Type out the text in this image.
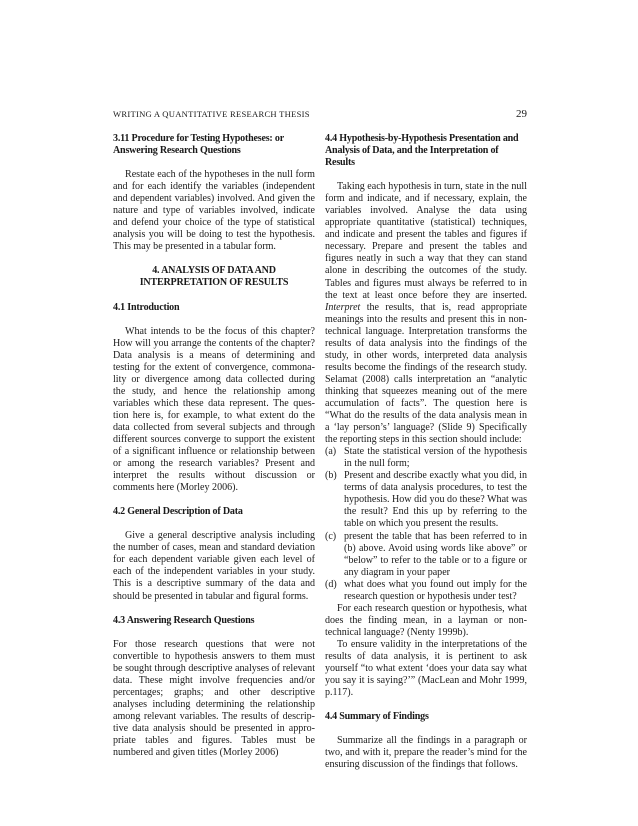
WRITING A QUANTITATIVE RESEARCH THESIS	29
3.11 Procedure for Testing Hypotheses: or Answering Research Questions
Restate each of the hypotheses in the null form and for each identify the variables (independent and dependent variables) involved. And given the nature and type of variables involved, indicate and defend your choice of the type of statistical analysis you will be doing to test the hypothesis. This may be presented in a tabular form.
4. ANALYSIS OF DATA AND
INTERPRETATION OF RESULTS
4.1 Introduction
What intends to be the focus of this chapter? How will you arrange the contents of the chapter? Data analysis is a means of determining and testing for the extent of convergence, commona-lity or divergence among data collected during the study, and hence the relationship among variables which these data represent. The ques-tion here is, for example, to what extent do the data collected from several subjects and through different sources converge to support the existent of a significant influence or relationship between or among the research variables? Present and interpret the results without discussion or comments here (Morley 2006).
4.2 General Description of Data
Give a general descriptive analysis including the number of cases, mean and standard deviation for each dependent variable given each level of each of the independent variables in your study. This is a descriptive summary of the data and should be presented in tabular and figural forms.
4.3 Answering Research Questions
For those research questions that were not convertible to hypothesis answers to them must be sought through descriptive analyses of relevant data. These might involve frequencies and/or percentages; graphs; and other descriptive analyses including determining the relationship among relevant variables. The results of descrip-tive data analysis should be presented in appro-priate tables and figures. Tables must be numbered and given titles (Morley 2006)
4.4 Hypothesis-by-Hypothesis Presentation and Analysis of Data, and the Interpretation of Results
Taking each hypothesis in turn, state in the null form and indicate, and if necessary, explain, the variables involved. Analyse the data using appropriate quantitative (statistical) techniques, and indicate and present the tables and figures if necessary. Prepare and present the tables and figures neatly in such a way that they can stand alone in describing the outcomes of the study. Tables and figures must always be referred to in the text at least once before they are inserted. Interpret the results, that is, read appropriate meanings into the results and present this in non-technical language. Interpretation transforms the results of data analysis into the findings of the study, in other words, interpreted data analysis results become the findings of the research study. Selamat (2008) calls interpretation an “analytic thinking that squeezes meaning out of the mere accumulation of facts”. The question here is “What do the results of the data analysis mean in a ‘lay person’s’ language? (Slide 9) Specifically the reporting steps in this section should include:
(a) State the statistical version of the hypothesis in the null form;
(b) Present and describe exactly what you did, in terms of data analysis procedures, to test the hypothesis. How did you do these? What was the result? End this up by referring to the table on which you present the results.
(c) present the table that has been referred to in (b) above. Avoid using words like above” or “below” to refer to the table or to a figure or any diagram in your paper
(d) what does what you found out imply for the research question or hypothesis under test?
For each research question or hypothesis, what does the finding mean, in a layman or non-technical language? (Nenty 1999b).
To ensure validity in the interpretations of the results of data analysis, it is pertinent to ask yourself “to what extent ‘does your data say what you say it is saying?’” (MacLean and Mohr 1999, p.117).
4.4 Summary of Findings
Summarize all the findings in a paragraph or two, and with it, prepare the reader’s mind for the ensuring discussion of the findings that follows.
